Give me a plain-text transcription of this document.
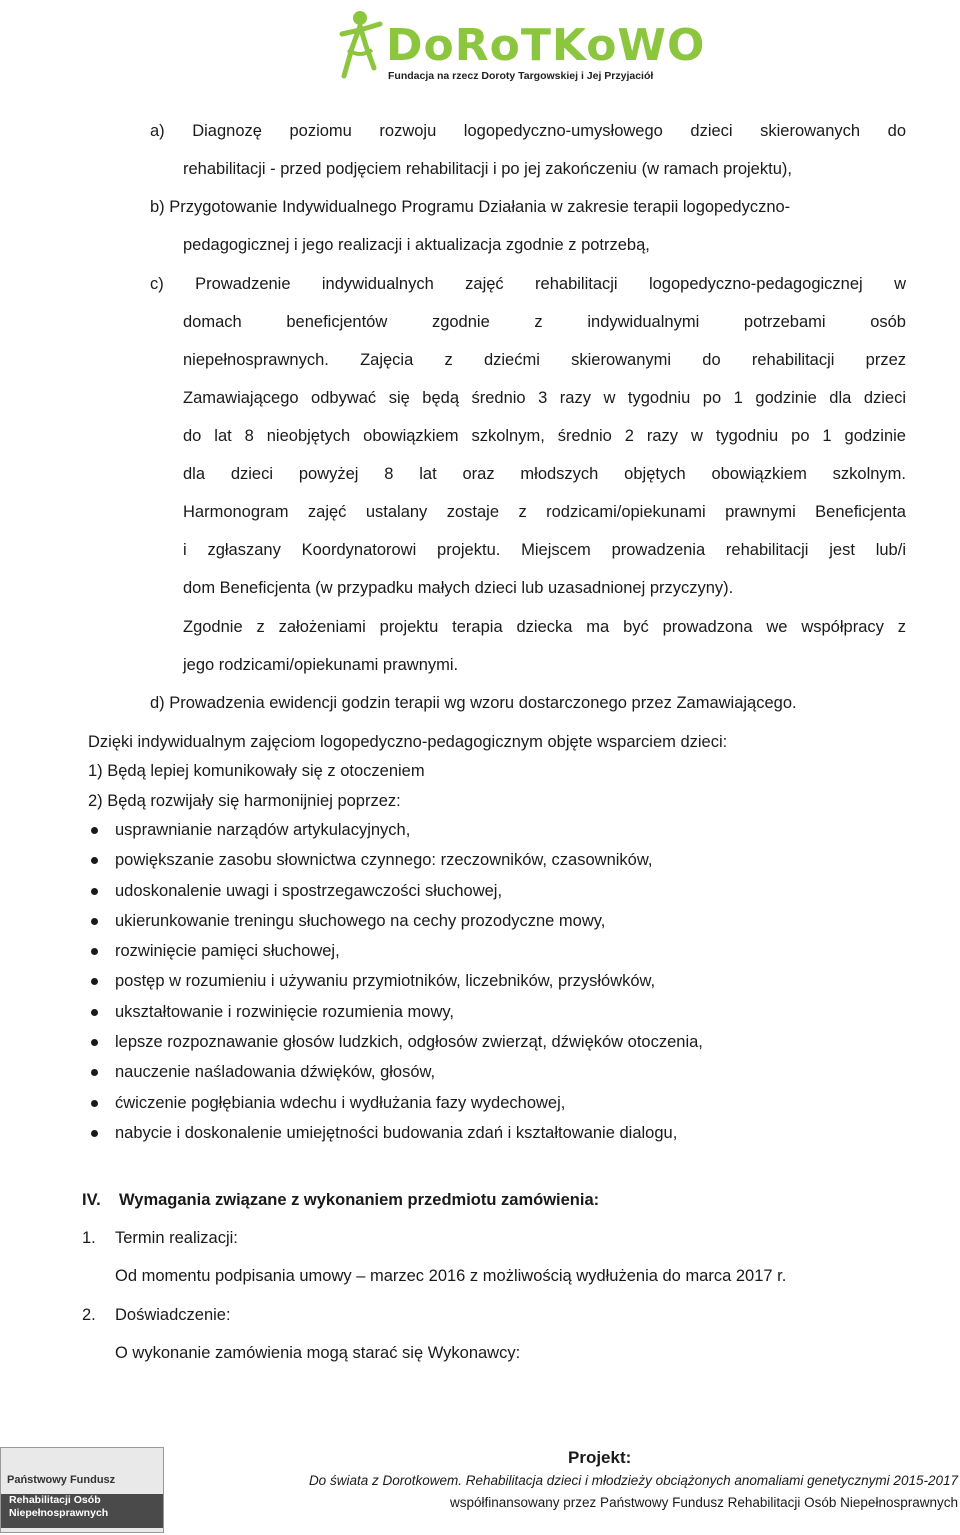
DoRoTKoWO
Fundacja na rzecz Doroty Targowskiej i Jej Przyjaciół
a) Diagnozę poziomu rozwoju logopedyczno-umysłowego dzieci skierowanych do
rehabilitacji - przed podjęciem rehabilitacji i po jej zakończeniu (w ramach projektu),
b) Przygotowanie Indywidualnego Programu Działania w zakresie terapii logopedyczno-
pedagogicznej i jego realizacji i aktualizacja zgodnie z potrzebą,
c) Prowadzenie indywidualnych zajęć rehabilitacji logopedyczno-pedagogicznej w
domach beneficjentów zgodnie z indywidualnymi potrzebami osób
niepełnosprawnych. Zajęcia z dziećmi skierowanymi do rehabilitacji przez
Zamawiającego odbywać się będą średnio 3 razy w tygodniu po 1 godzinie dla dzieci
do lat 8 nieobjętych obowiązkiem szkolnym, średnio 2 razy w tygodniu po 1 godzinie
dla dzieci powyżej 8 lat oraz młodszych objętych obowiązkiem szkolnym.
Harmonogram zajęć ustalany zostaje z rodzicami/opiekunami prawnymi Beneficjenta
i zgłaszany Koordynatorowi projektu. Miejscem prowadzenia rehabilitacji jest lub/i
dom Beneficjenta (w przypadku małych dzieci lub uzasadnionej przyczyny).
Zgodnie z założeniami projektu terapia dziecka ma być prowadzona we współpracy z
jego rodzicami/opiekunami prawnymi.
d) Prowadzenia ewidencji godzin terapii wg wzoru dostarczonego przez Zamawiającego.
Dzięki indywidualnym zajęciom logopedyczno-pedagogicznym objęte wsparciem dzieci:
1) Będą lepiej komunikowały się z otoczeniem
2) Będą rozwijały się harmonijniej poprzez:
usprawnianie narządów artykulacyjnych,
powiększanie zasobu słownictwa czynnego: rzeczowników, czasowników,
udoskonalenie uwagi i spostrzegawczości słuchowej,
ukierunkowanie treningu słuchowego na cechy prozodyczne mowy,
rozwinięcie pamięci słuchowej,
postęp w rozumieniu i używaniu przymiotników, liczebników, przysłówków,
ukształtowanie i rozwinięcie rozumienia mowy,
lepsze rozpoznawanie głosów ludzkich, odgłosów zwierząt, dźwięków otoczenia,
nauczenie naśladowania dźwięków, głosów,
ćwiczenie pogłębiania wdechu i wydłużania fazy wydechowej,
nabycie i doskonalenie umiejętności budowania zdań i kształtowanie dialogu,
IV. Wymagania związane z wykonaniem przedmiotu zamówienia:
1. Termin realizacji:
Od momentu podpisania umowy – marzec 2016 z możliwością wydłużenia do marca 2017 r.
2. Doświadczenie:
O wykonanie zamówienia mogą starać się Wykonawcy:
Państwowy Fundusz
Rehabilitacji Osób
Niepełnosprawnych
Projekt:
Do świata z Dorotkowem. Rehabilitacja dzieci i młodzieży obciążonych anomaliami genetycznymi 2015-2017
współfinansowany przez Państwowy Fundusz Rehabilitacji Osób Niepełnosprawnych
